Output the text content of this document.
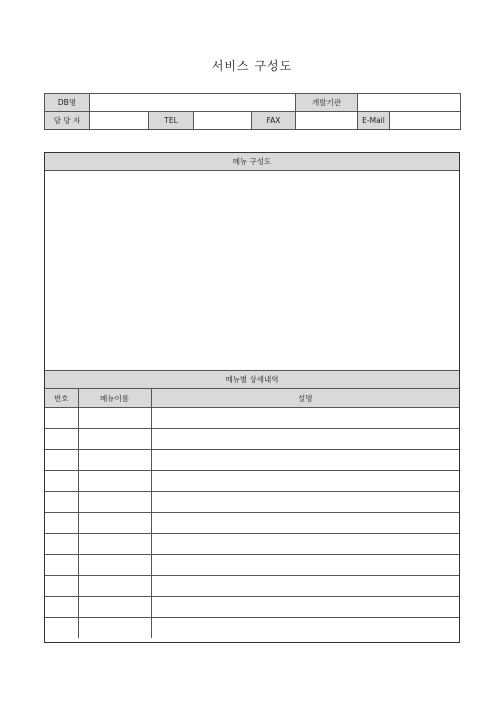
서비스 구성도
DB명					개발기관		
담 당 자		TEL		FAX		E-Mail	
메뉴 구성도
메뉴별 상세내역
번호	메뉴이름	설명
